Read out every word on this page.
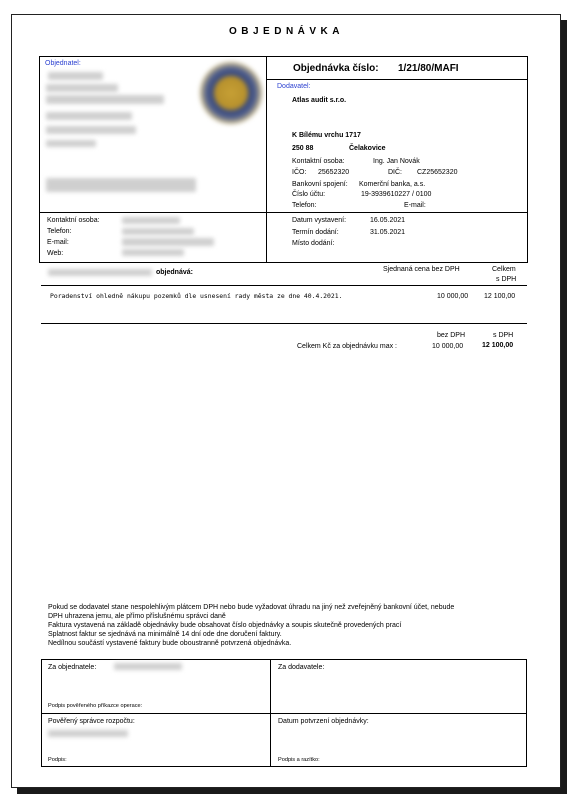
OBJEDNÁVKA
Objednatel:	Objednávka číslo: 1/21/80/MAFI
Dodavatel:
Atlas audit s.r.o.
K Bílému vrchu 1717
250 88	Čelakovice
Kontaktní osoba:	Ing. Jan Novák
IČO: 25652320	DIČ: CZ25652320
Bankovní spojení: Komerční banka, a.s.
Číslo účtu:	19-3939610227 / 0100
Telefon:	E-mail:
Kontaktní osoba:
Telefon:
E-mail:
Web:
Datum vystavení:	16.05.2021
Termín dodání:	31.05.2021
Místo dodání:
objednává:	Sjednaná cena bez DPH	Celkem
s DPH
Poradenství ohledně nákupu pozemků dle usnesení rady města ze dne 40.4.2021.	10 000,00 12 100,00
bez DPH	s DPH
Celkem Kč za objednávku max :	10 000,00	12 100,00
Pokud se dodavatel stane nespolehlivým plátcem DPH nebo bude vyžadovat úhradu na jiný než zveřejněný bankovní účet, nebude
DPH uhrazena jemu, ale přímo příslušnému správci daně
Faktura vystavená na základě objednávky bude obsahovat číslo objednávky a soupis skutečně provedených prací
Splatnost faktur se sjednává na minimálně 14 dní ode dne doručení faktury.
Nedílnou součástí vystavené faktury bude oboustranně potvrzená objednávka.
Za objednatele:
Podpis pověřeného příkazce operace:
Za dodavatele:
Pověřený správce rozpočtu:
Podpis:
Datum potvrzení objednávky:
Podpis a razítko:
